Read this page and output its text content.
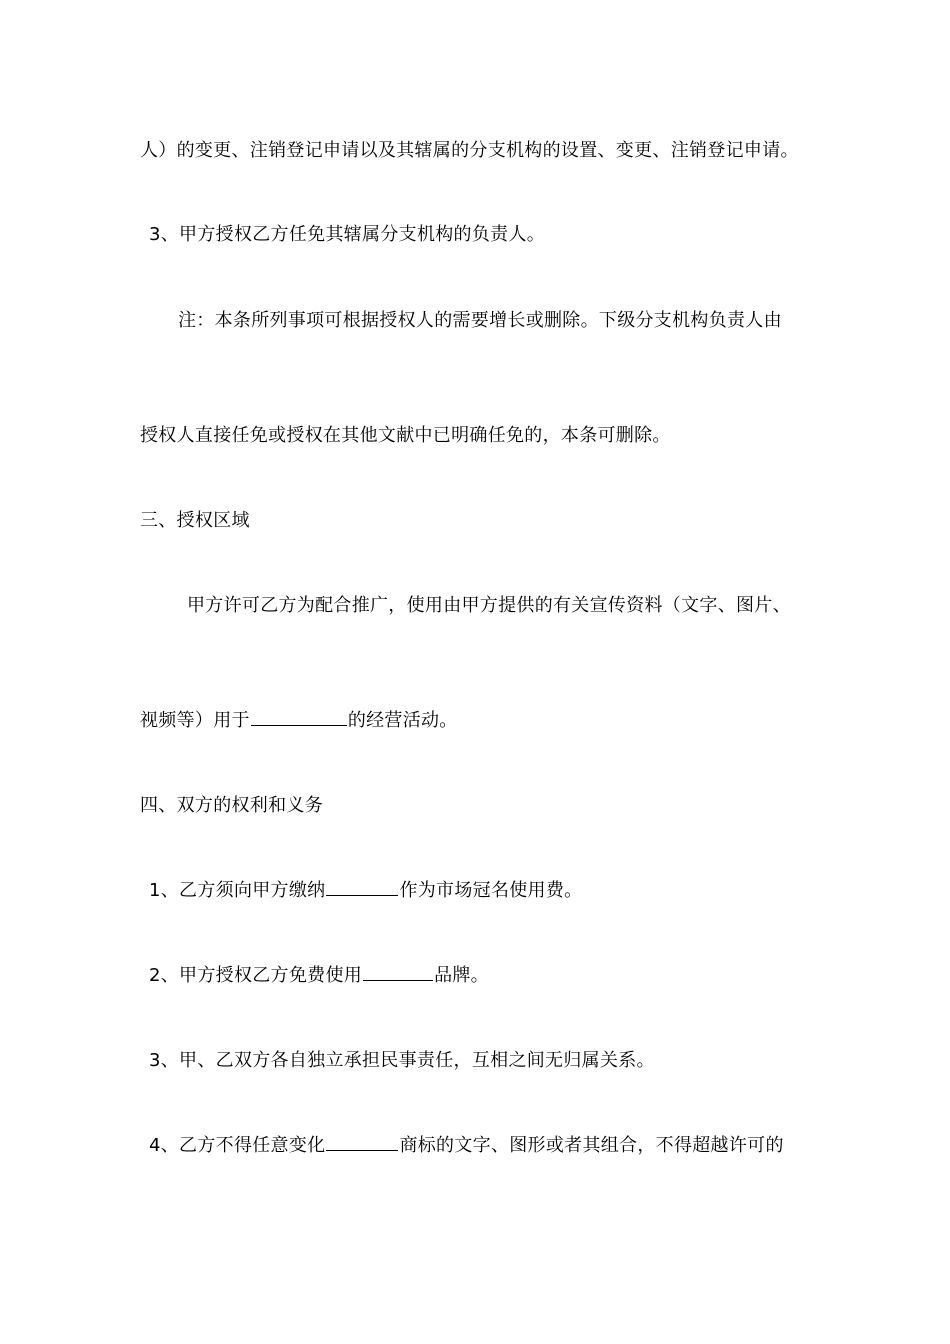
人）的变更、注销登记申请以及其辖属的分支机构的设置、变更、注销登记申请。
3、甲方授权乙方任免其辖属分支机构的负责人。
注：本条所列事项可根据授权人的需要增长或删除。下级分支机构负责人由
授权人直接任免或授权在其他文献中已明确任免的，本条可删除。
三、授权区域
甲方许可乙方为配合推广，使用由甲方提供的有关宣传资料（文字、图片、
视频等）用于	的经营活动。
四、双方的权利和义务
1、乙方须向甲方缴纳	作为市场冠名使用费。
2、甲方授权乙方免费使用	品牌。
3、甲、乙双方各自独立承担民事责任，互相之间无归属关系。
4、乙方不得任意变化	商标的文字、图形或者其组合，不得超越许可的
